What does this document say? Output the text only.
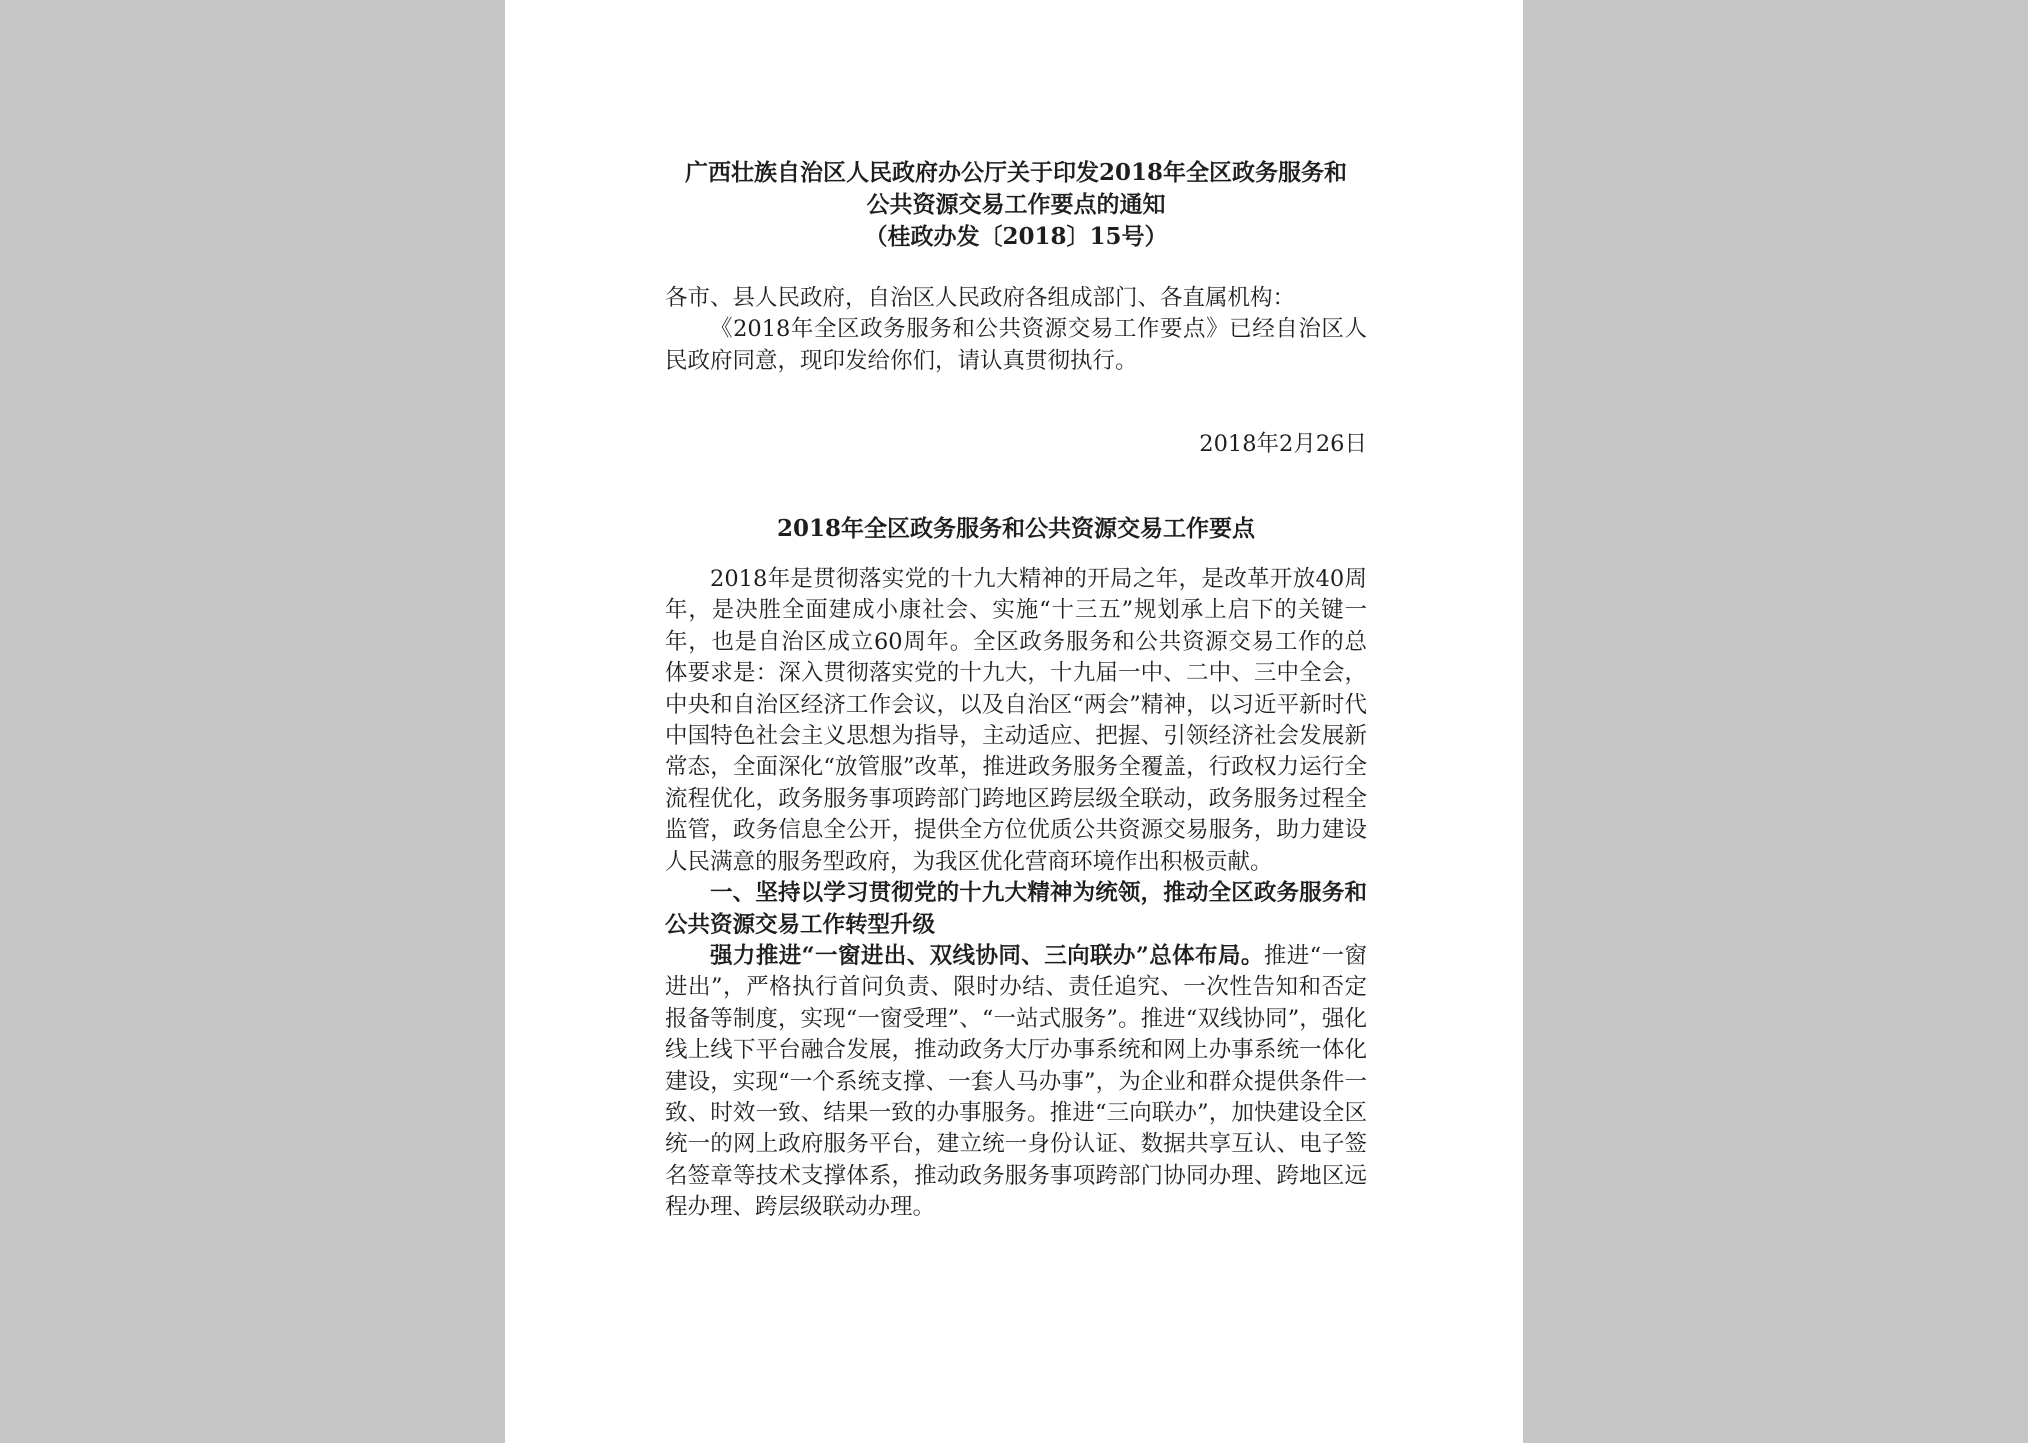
广西壮族自治区人民政府办公厅关于印发2018年全区政务服务和
公共资源交易工作要点的通知
（桂政办发〔2018〕15号）
各市、县人民政府，自治区人民政府各组成部门、各直属机构：

《2018年全区政务服务和公共资源交易工作要点》已经自治区人民政府同意，现印发给你们，请认真贯彻执行。

2018年2月26日
2018年全区政务服务和公共资源交易工作要点

2018年是贯彻落实党的十九大精神的开局之年，是改革开放40周年，是决胜全面建成小康社会、实施“十三五”规划承上启下的关键一年，也是自治区成立60周年。全区政务服务和公共资源交易工作的总体要求是：深入贯彻落实党的十九大，十九届一中、二中、三中全会，中央和自治区经济工作会议，以及自治区“两会”精神，以习近平新时代中国特色社会主义思想为指导，主动适应、把握、引领经济社会发展新常态，全面深化“放管服”改革，推进政务服务全覆盖，行政权力运行全流程优化，政务服务事项跨部门跨地区跨层级全联动，政务服务过程全监管，政务信息全公开，提供全方位优质公共资源交易服务，助力建设人民满意的服务型政府，为我区优化营商环境作出积极贡献。

一、坚持以学习贯彻党的十九大精神为统领，推动全区政务服务和公共资源交易工作转型升级

强力推进“一窗进出、双线协同、三向联办”总体布局。推进“一窗进出”，严格执行首问负责、限时办结、责任追究、一次性告知和否定报备等制度，实现“一窗受理”、“一站式服务”。推进“双线协同”，强化线上线下平台融合发展，推动政务大厅办事系统和网上办事系统一体化建设，实现“一个系统支撑、一套人马办事”，为企业和群众提供条件一致、时效一致、结果一致的办事服务。推进“三向联办”，加快建设全区统一的网上政府服务平台，建立统一身份认证、数据共享互认、电子签名签章等技术支撑体系，推动政务服务事项跨部门协同办理、跨地区远程办理、跨层级联动办理。
